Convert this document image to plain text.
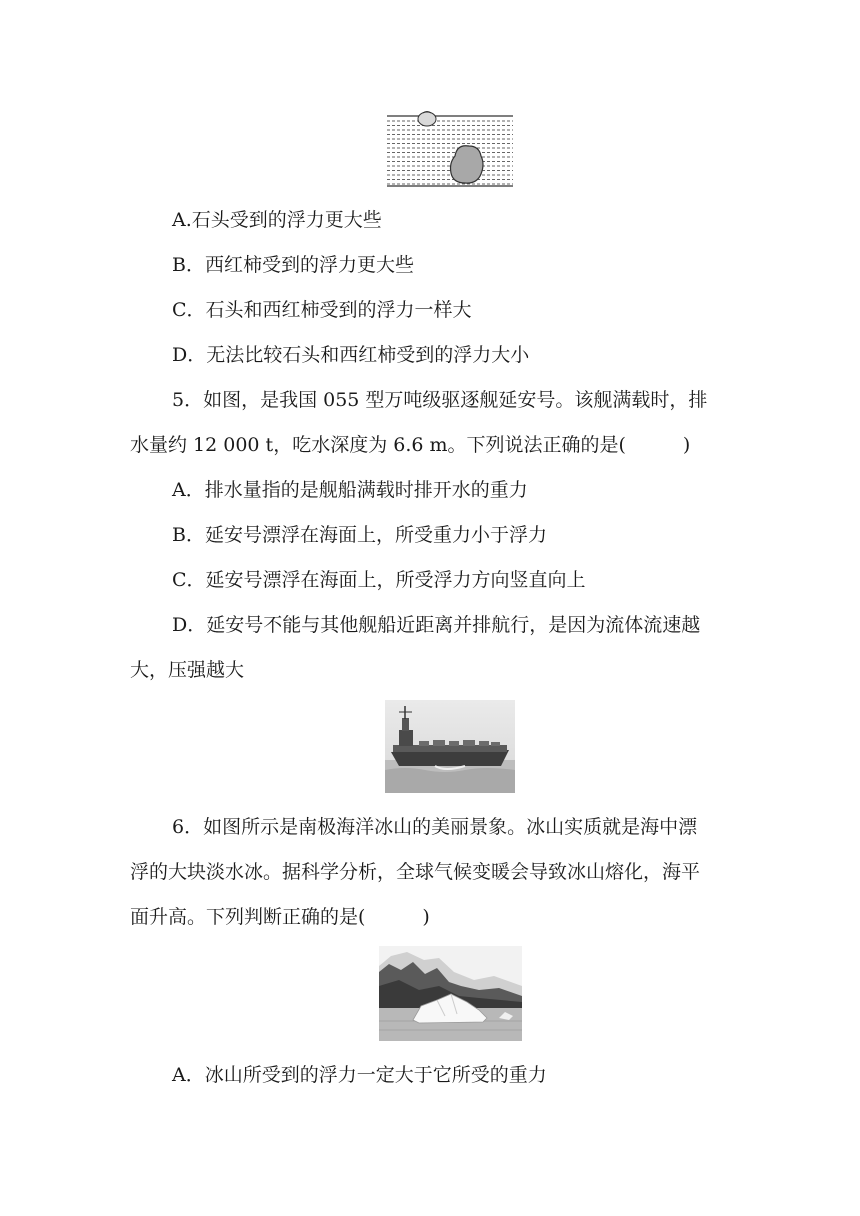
A.石头受到的浮力更大些
B．西红柿受到的浮力更大些
C．石头和西红柿受到的浮力一样大
D．无法比较石头和西红柿受到的浮力大小
5．如图，是我国 055 型万吨级驱逐舰延安号。该舰满载时，排
水量约 12 000 t，吃水深度为 6.6 m。下列说法正确的是(　　　)
A．排水量指的是舰船满载时排开水的重力
B．延安号漂浮在海面上，所受重力小于浮力
C．延安号漂浮在海面上，所受浮力方向竖直向上
D．延安号不能与其他舰船近距离并排航行，是因为流体流速越
大，压强越大
6．如图所示是南极海洋冰山的美丽景象。冰山实质就是海中漂
浮的大块淡水冰。据科学分析，全球气候变暖会导致冰山熔化，海平
面升高。下列判断正确的是(　　　)
A．冰山所受到的浮力一定大于它所受的重力
